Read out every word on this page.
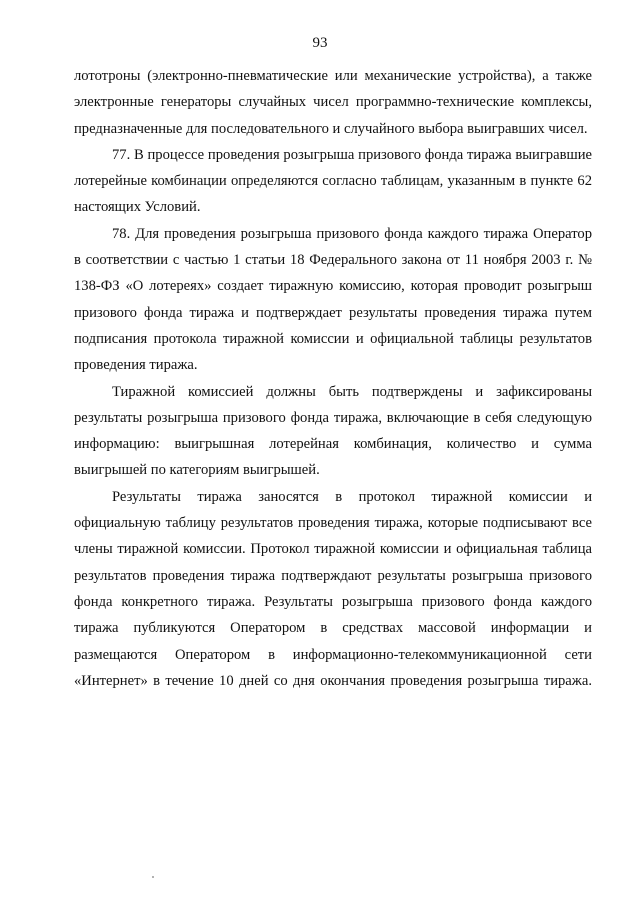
93

лототроны (электронно-пневматические или механические устройства), а также электронные генераторы случайных чисел программно-технические комплексы, предназначенные для последовательного и случайного выбора выигравших чисел.

77. В процессе проведения розыгрыша призового фонда тиража выигравшие лотерейные комбинации определяются согласно таблицам, указанным в пункте 62 настоящих Условий.

78. Для проведения розыгрыша призового фонда каждого тиража Оператор в соответствии с частью 1 статьи 18 Федерального закона от 11 ноября 2003 г. № 138-ФЗ «О лотереях» создает тиражную комиссию, которая проводит розыгрыш призового фонда тиража и подтверждает результаты проведения тиража путем подписания протокола тиражной комиссии и официальной таблицы результатов проведения тиража.

Тиражной комиссией должны быть подтверждены и зафиксированы результаты розыгрыша призового фонда тиража, включающие в себя следующую информацию: выигрышная лотерейная комбинация, количество и сумма выигрышей по категориям выигрышей.

Результаты тиража заносятся в протокол тиражной комиссии и официальную таблицу результатов проведения тиража, которые подписывают все члены тиражной комиссии. Протокол тиражной комиссии и официальная таблица результатов проведения тиража подтверждают результаты розыгрыша призового фонда конкретного тиража. Результаты розыгрыша призового фонда каждого тиража публикуются Оператором в средствах массовой информации и размещаются Оператором в информационно-телекоммуникационной сети «Интернет» в течение 10 дней со дня окончания проведения розыгрыша тиража.
